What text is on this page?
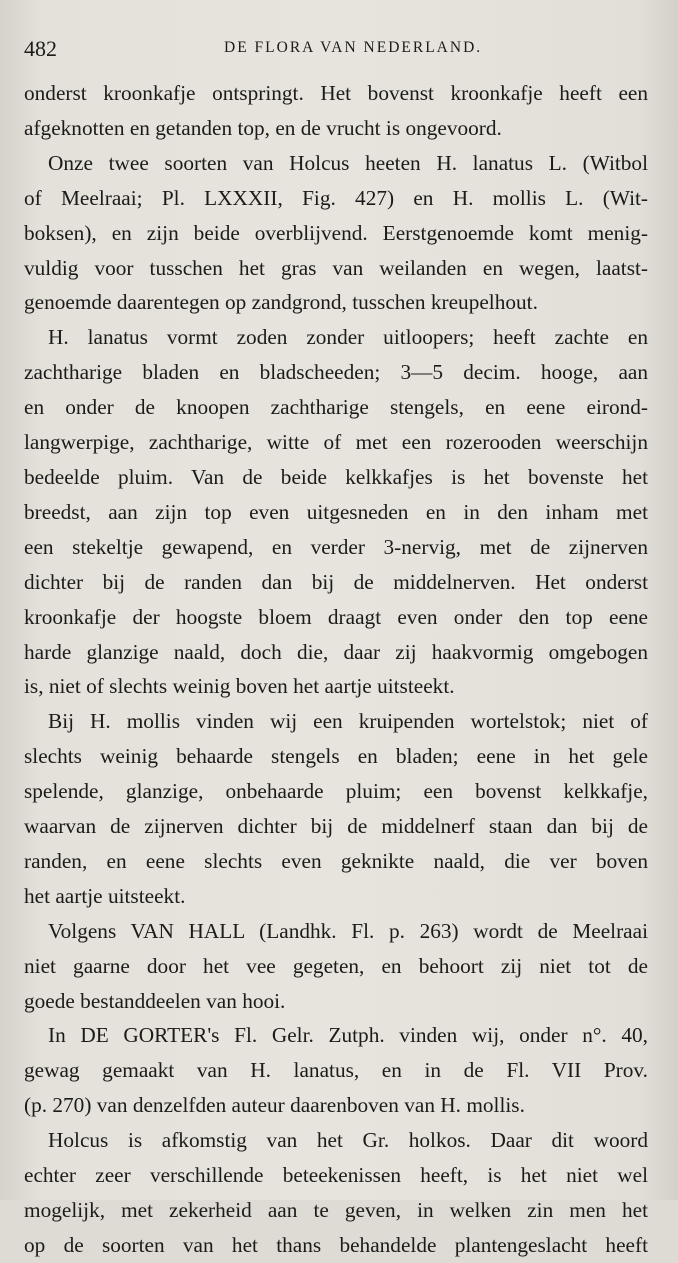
482	DE FLORA VAN NEDERLAND.

onderst kroonkafje ontspringt. Het bovenst kroonkafje heeft een
afgeknotten en getanden top, en de vrucht is ongevoord.

Onze twee soorten van Holcus heeten H. lanatus L. (Witbol
of Meelraai; Pl. LXXXII, Fig. 427) en H. mollis L. (Wit-
boksen), en zijn beide overblijvend. Eerstgenoemde komt menig-
vuldig voor tusschen het gras van weilanden en wegen, laatst-
genoemde daarentegen op zandgrond, tusschen kreupelhout.

H. lanatus vormt zoden zonder uitloopers; heeft zachte en
zachtharige bladen en bladscheeden; 3—5 decim. hooge, aan
en onder de knoopen zachtharige stengels, en eene eirond-
langwerpige, zachtharige, witte of met een rozerooden weerschijn
bedeelde pluim. Van de beide kelkkafjes is het bovenste het
breedst, aan zijn top even uitgesneden en in den inham met
een stekeltje gewapend, en verder 3-nervig, met de zijnerven
dichter bij de randen dan bij de middelnerven. Het onderst
kroonkafje der hoogste bloem draagt even onder den top eene
harde glanzige naald, doch die, daar zij haakvormig omgebogen
is, niet of slechts weinig boven het aartje uitsteekt.

Bij H. mollis vinden wij een kruipenden wortelstok; niet of
slechts weinig behaarde stengels en bladen; eene in het gele
spelende, glanzige, onbehaarde pluim; een bovenst kelkkafje,
waarvan de zijnerven dichter bij de middelnerf staan dan bij de
randen, en eene slechts even geknikte naald, die ver boven
het aartje uitsteekt.

Volgens VAN HALL (Landhk. Fl. p. 263) wordt de Meelraai
niet gaarne door het vee gegeten, en behoort zij niet tot de
goede bestanddeelen van hooi.

In DE GORTER's Fl. Gelr. Zutph. vinden wij, onder n°. 40,
gewag gemaakt van H. lanatus, en in de Fl. VII Prov.
(p. 270) van denzelfden auteur daarenboven van H. mollis.

Holcus is afkomstig van het Gr. holkos. Daar dit woord
echter zeer verschillende beteekenissen heeft, is het niet wel
mogelijk, met zekerheid aan te geven, in welken zin men het
op de soorten van het thans behandelde plantengeslacht heeft
